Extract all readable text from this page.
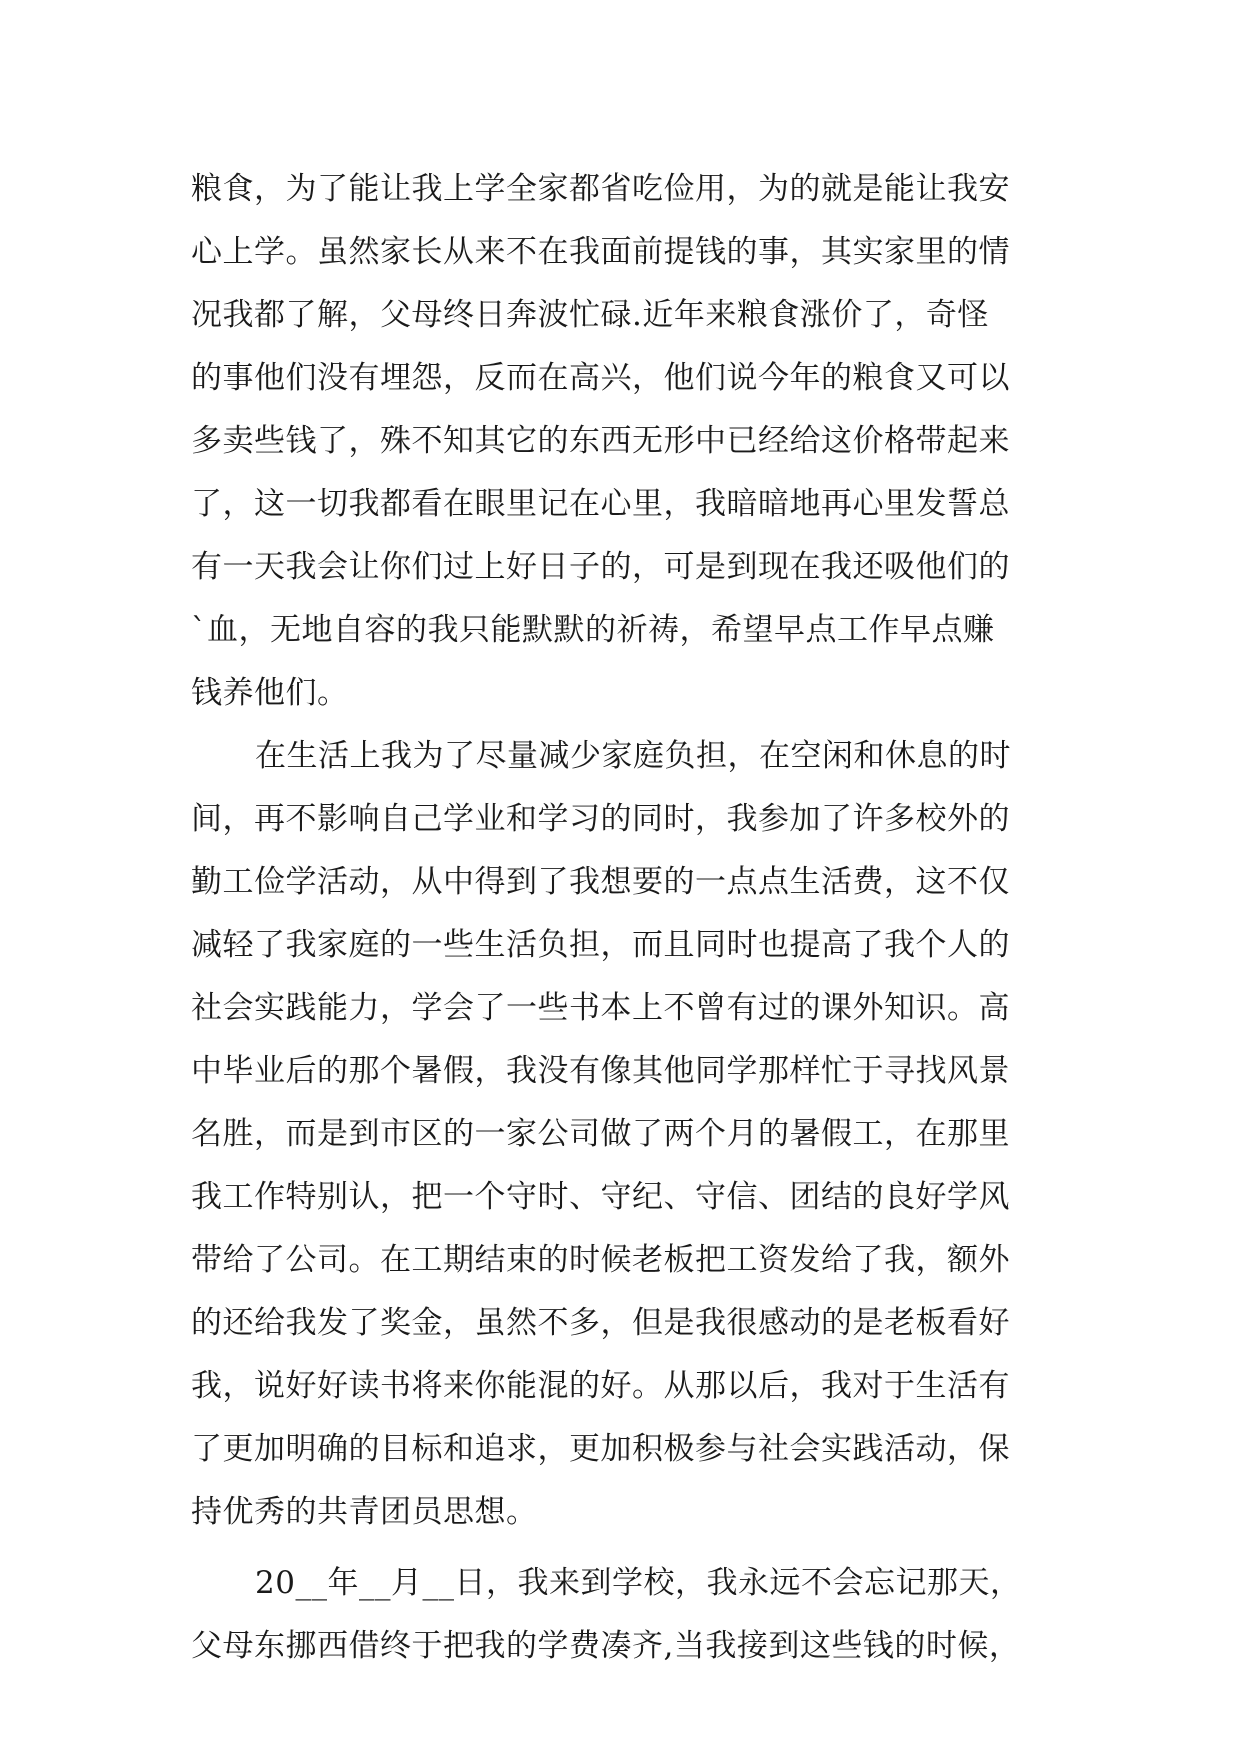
粮食，为了能让我上学全家都省吃俭用，为的就是能让我安
心上学。虽然家长从来不在我面前提钱的事，其实家里的情
况我都了解，父母终日奔波忙碌.近年来粮食涨价了，奇怪
的事他们没有埋怨，反而在高兴，他们说今年的粮食又可以
多卖些钱了，殊不知其它的东西无形中已经给这价格带起来
了，这一切我都看在眼里记在心里，我暗暗地再心里发誓总
有一天我会让你们过上好日子的，可是到现在我还吸他们的
`血，无地自容的我只能默默的祈祷，希望早点工作早点赚
钱养他们。
在生活上我为了尽量减少家庭负担，在空闲和休息的时
间，再不影响自己学业和学习的同时，我参加了许多校外的
勤工俭学活动，从中得到了我想要的一点点生活费，这不仅
减轻了我家庭的一些生活负担，而且同时也提高了我个人的
社会实践能力，学会了一些书本上不曾有过的课外知识。高
中毕业后的那个暑假，我没有像其他同学那样忙于寻找风景
名胜，而是到市区的一家公司做了两个月的暑假工，在那里
我工作特别认，把一个守时、守纪、守信、团结的良好学风
带给了公司。在工期结束的时候老板把工资发给了我，额外
的还给我发了奖金，虽然不多，但是我很感动的是老板看好
我，说好好读书将来你能混的好。从那以后，我对于生活有
了更加明确的目标和追求，更加积极参与社会实践活动，保
持优秀的共青团员思想。
20__年__月__日，我来到学校，我永远不会忘记那天，
父母东挪西借终于把我的学费凑齐,当我接到这些钱的时候，
